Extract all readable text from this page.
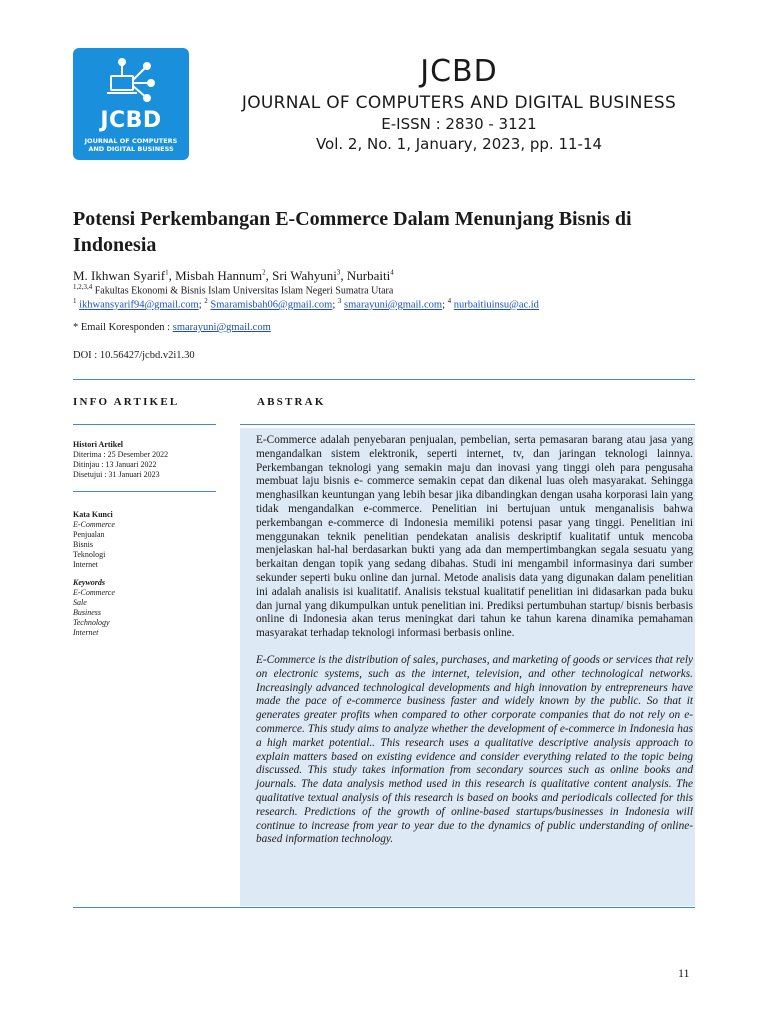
JCBD
JOURNAL OF COMPUTERS
AND DIGITAL BUSINESS
JCBD
JOURNAL OF COMPUTERS AND DIGITAL BUSINESS
E-ISSN : 2830 - 3121
Vol. 2, No. 1, January, 2023, pp. 11-14
Potensi Perkembangan E-Commerce Dalam Menunjang Bisnis di Indonesia
M. Ikhwan Syarif$^1$, Misbah Hannum$^2$, Sri Wahyuni$^3$, Nurbaiti$^4$
$^{1,2,3,4}$ Fakultas Ekonomi & Bisnis Islam Universitas Islam Negeri Sumatra Utara
$^1$ ikhwansyarif94@gmail.com; $^2$ Smaramisbah06@gmail.com; $^3$ smarayuni@gmail.com; $^4$ nurbaitiuinsu@ac.id
* Email Koresponden : smarayuni@gmail.com
DOI : 10.56427/jcbd.v2i1.30
INFO ARTIKEL	ABSTRAK
Histori Artikel
Diterima : 25 Desember 2022
Ditinjau : 13 Januari 2022
Disetujui : 31 Januari 2023
Kata Kunci
E-Commerce
Penjualan
Bisnis
Teknologi
Internet
Keywords
E-Commerce
Sale
Business
Technology
Internet

E-Commerce adalah penyebaran penjualan, pembelian, serta pemasaran barang atau jasa yang mengandalkan sistem elektronik, seperti internet, tv, dan jaringan teknologi lainnya. Perkembangan teknologi yang semakin maju dan inovasi yang tinggi oleh para pengusaha membuat laju bisnis e- commerce semakin cepat dan dikenal luas oleh masyarakat. Sehingga menghasilkan keuntungan yang lebih besar jika dibandingkan dengan usaha korporasi lain yang tidak mengandalkan e-commerce. Penelitian ini bertujuan untuk menganalisis bahwa perkembangan e-commerce di Indonesia memiliki potensi pasar yang tinggi. Penelitian ini menggunakan teknik penelitian pendekatan analisis deskriptif kualitatif untuk mencoba menjelaskan hal-hal berdasarkan bukti yang ada dan mempertimbangkan segala sesuatu yang berkaitan dengan topik yang sedang dibahas. Studi ini mengambil informasinya dari sumber sekunder seperti buku online dan jurnal. Metode analisis data yang digunakan dalam penelitian ini adalah analisis isi kualitatif. Analisis tekstual kualitatif penelitian ini didasarkan pada buku dan jurnal yang dikumpulkan untuk penelitian ini. Prediksi pertumbuhan startup/ bisnis berbasis online di Indonesia akan terus meningkat dari tahun ke tahun karena dinamika pemahaman masyarakat terhadap teknologi informasi berbasis online.

E-Commerce is the distribution of sales, purchases, and marketing of goods or services that rely on electronic systems, such as the internet, television, and other technological networks. Increasingly advanced technological developments and high innovation by entrepreneurs have made the pace of e-commerce business faster and widely known by the public. So that it generates greater profits when compared to other corporate companies that do not rely on e-commerce. This study aims to analyze whether the development of e-commerce in Indonesia has a high market potential.. This research uses a qualitative descriptive analysis approach to explain matters based on existing evidence and consider everything related to the topic being discussed. This study takes information from secondary sources such as online books and journals. The data analysis method used in this research is qualitative content analysis. The qualitative textual analysis of this research is based on books and periodicals collected for this research. Predictions of the growth of online-based startups/businesses in Indonesia will continue to increase from year to year due to the dynamics of public understanding of online-based information technology.

11
